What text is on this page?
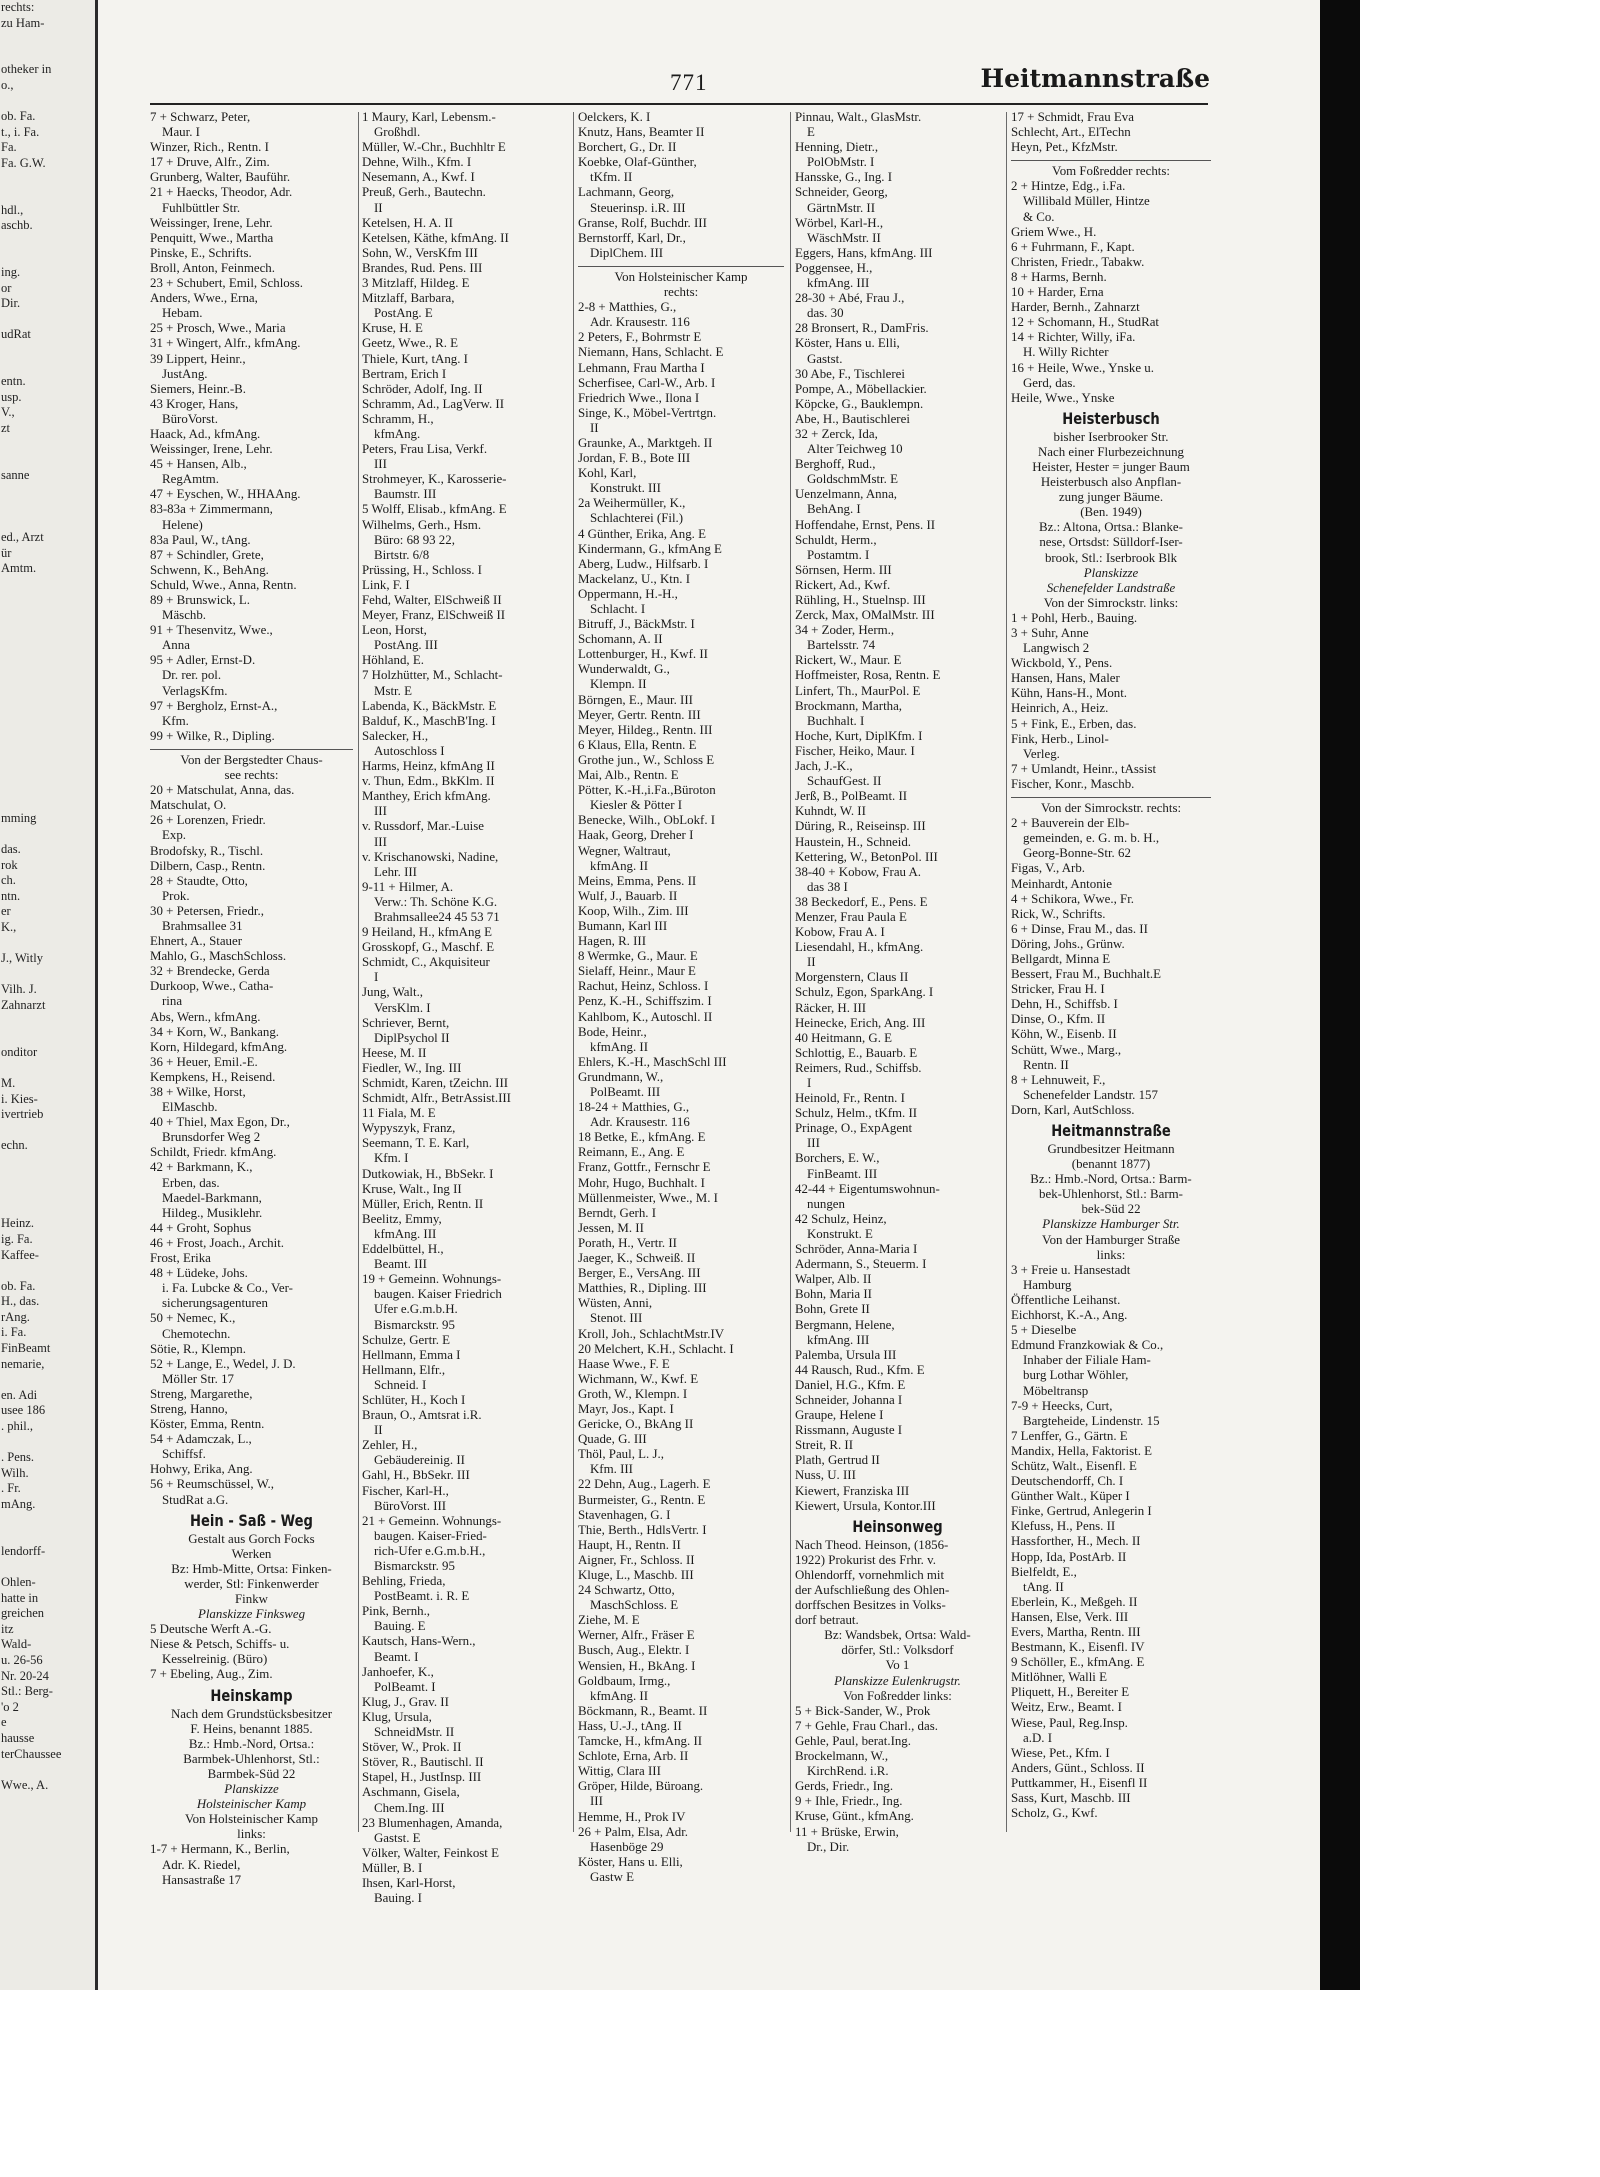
rechts:
zu Ham-

otheker in
o.,

ob. Fa.
t., i. Fa.
Fa.
Fa. G.W.

hdl.,
aschb.

ing.
or
Dir.

udRat

entn.
usp.
V.,
zt

sanne

ed., Arzt
ür
Amtm.

mming

das.
rok
ch.
ntn.
er
K.,

J., Witly

Vilh. J.
Zahnarzt

onditor

M.
i. Kies-
ivertrieb

echn.

Heinz.
ig. Fa.
Kaffee-

ob. Fa.
H., das.
rAng.
i. Fa.
FinBeamt
nemarie,

en. Adi
usee 186
. phil.,

. Pens.
Wilh.
. Fr.
mAng.

lendorff-

Ohlen-
hatte in
greichen
itz
Wald-
u. 26-56
Nr. 20-24
Stl.: Berg-
'o 2
e
hausse
terChaussee

Wwe., A.
771	Heitmannstraße
7 + Schwarz, Peter,
Maur. I
Winzer, Rich., Rentn. I
17 + Druve, Alfr., Zim.
Grunberg, Walter, Bauführ.
21 + Haecks, Theodor, Adr.
Fuhlbüttler Str.
Weissinger, Irene, Lehr.
Penquitt, Wwe., Martha
Pinske, E., Schrifts.
Broll, Anton, Feinmech.
23 + Schubert, Emil, Schloss.
Anders, Wwe., Erna,
Hebam.
25 + Prosch, Wwe., Maria
31 + Wingert, Alfr., kfmAng.
39 Lippert, Heinr.,
JustAng.
Siemers, Heinr.-B.
43 Kroger, Hans,
BüroVorst.
Haack, Ad., kfmAng.
Weissinger, Irene, Lehr.
45 + Hansen, Alb.,
RegAmtm.
47 + Eyschen, W., HHAAng.
83-83a + Zimmermann,
Helene)
83a Paul, W., tAng.
87 + Schindler, Grete,
Schwenn, K., BehAng.
Schuld, Wwe., Anna, Rentn.
89 + Brunswick, L.
Mäschb.
91 + Thesenvitz, Wwe.,
Anna
95 + Adler, Ernst-D.
Dr. rer. pol.
VerlagsKfm.
97 + Bergholz, Ernst-A.,
Kfm.
99 + Wilke, R., Dipling.
Von der Bergstedter Chaus-
see rechts:
20 + Matschulat, Anna, das.
Matschulat, O.
26 + Lorenzen, Friedr.
Exp.
Brodofsky, R., Tischl.
Dilbern, Casp., Rentn.
28 + Staudte, Otto,
Prok.
30 + Petersen, Friedr.,
Brahmsallee 31
Ehnert, A., Stauer
Mahlo, G., MaschSchloss.
32 + Brendecke, Gerda
Durkoop, Wwe., Catha-
rina
Abs, Wern., kfmAng.
34 + Korn, W., Bankang.
Korn, Hildegard, kfmAng.
36 + Heuer, Emil.-E.
Kempkens, H., Reisend.
38 + Wilke, Horst,
ElMaschb.
40 + Thiel, Max Egon, Dr.,
Brunsdorfer Weg 2
Schildt, Friedr. kfmAng.
42 + Barkmann, K.,
Erben, das.
Maedel-Barkmann,
Hildeg., Musiklehr.
44 + Groht, Sophus
46 + Frost, Joach., Archit.
Frost, Erika
48 + Lüdeke, Johs.
i. Fa. Lubcke & Co., Ver-
sicherungsagenturen
50 + Nemec, K.,
Chemotechn.
Sötie, R., Klempn.
52 + Lange, E., Wedel, J. D.
Möller Str. 17
Streng, Margarethe,
Streng, Hanno,
Köster, Emma, Rentn.
54 + Adamczak, L.,
Schiffsf.
Hohwy, Erika, Ang.
56 + Reumschüssel, W.,
StudRat a.G.
Hein - Saß - Weg
Gestalt aus Gorch Focks
Werken
Bz: Hmb-Mitte, Ortsa: Finken-
werder, Stl: Finkenwerder
Finkw
Planskizze Finksweg
5 Deutsche Werft A.-G.
Niese & Petsch, Schiffs- u.
Kesselreinig. (Büro)
7 + Ebeling, Aug., Zim.
Heinskamp
Nach dem Grundstücksbesitzer
F. Heins, benannt 1885.
Bz.: Hmb.-Nord, Ortsa.:
Barmbek-Uhlenhorst, Stl.:
Barmbek-Süd 22
Planskizze
Holsteinischer Kamp
Von Holsteinischer Kamp
links:
1-7 + Hermann, K., Berlin,
Adr. K. Riedel,
Hansastraße 17
1 Maury, Karl, Lebensm.-
Großhdl.
Müller, W.-Chr., Buchhltr E
Dehne, Wilh., Kfm. I
Nesemann, A., Kwf. I
Preuß, Gerh., Bautechn.
II
Ketelsen, H. A. II
Ketelsen, Käthe, kfmAng. II
Sohn, W., VersKfm III
Brandes, Rud. Pens. III
3 Mitzlaff, Hildeg. E
Mitzlaff, Barbara,
PostAng. E
Kruse, H. E
Geetz, Wwe., R. E
Thiele, Kurt, tAng. I
Bertram, Erich I
Schröder, Adolf, Ing. II
Schramm, Ad., LagVerw. II
Schramm, H.,
kfmAng.
Peters, Frau Lisa, Verkf.
III
Strohmeyer, K., Karosserie-
Baumstr. III
5 Wolff, Elisab., kfmAng. E
Wilhelms, Gerh., Hsm.
Büro: 68 93 22,
Birtstr. 6/8
Prüssing, H., Schloss. I
Link, F. I
Fehd, Walter, ElSchweiß II
Meyer, Franz, ElSchweiß II
Leon, Horst,
PostAng. III
Höhland, E.
7 Holzhütter, M., Schlacht-
Mstr. E
Labenda, K., BäckMstr. E
Balduf, K., MaschB'Ing. I
Salecker, H.,
Autoschloss I
Harms, Heinz, kfmAng II
v. Thun, Edm., BkKlm. II
Manthey, Erich kfmAng.
III
v. Russdorf, Mar.-Luise
III
v. Krischanowski, Nadine,
Lehr. III
9-11 + Hilmer, A.
Verw.: Th. Schöne K.G.
Brahmsallee24 45 53 71
9 Heiland, H., kfmAng E
Grosskopf, G., Maschf. E
Schmidt, C., Akquisiteur
I
Jung, Walt.,
VersKlm. I
Schriever, Bernt,
DiplPsychol II
Heese, M. II
Fiedler, W., Ing. III
Schmidt, Karen, tZeichn. III
Schmidt, Alfr., BetrAssist.III
11 Fiala, M. E
Wypyszyk, Franz,
Seemann, T. E. Karl,
Kfm. I
Dutkowiak, H., BbSekr. I
Kruse, Walt., Ing II
Müller, Erich, Rentn. II
Beelitz, Emmy,
kfmAng. III
Eddelbüttel, H.,
Beamt. III
19 + Gemeinn. Wohnungs-
baugen. Kaiser Friedrich
Ufer e.G.m.b.H.
Bismarckstr. 95
Schulze, Gertr. E
Hellmann, Emma I
Hellmann, Elfr.,
Schneid. I
Schlüter, H., Koch I
Braun, O., Amtsrat i.R.
II
Zehler, H.,
Gebäudereinig. II
Gahl, H., BbSekr. III
Fischer, Karl-H.,
BüroVorst. III
21 + Gemeinn. Wohnungs-
baugen. Kaiser-Fried-
rich-Ufer e.G.m.b.H.,
Bismarckstr. 95
Behling, Frieda,
PostBeamt. i. R. E
Pink, Bernh.,
Bauing. E
Kautsch, Hans-Wern.,
Beamt. I
Janhoefer, K.,
PolBeamt. I
Klug, J., Grav. II
Klug, Ursula,
SchneidMstr. II
Stöver, W., Prok. II
Stöver, R., Bautischl. II
Stapel, H., JustInsp. III
Aschmann, Gisela,
Chem.Ing. III
23 Blumenhagen, Amanda,
Gastst. E
Völker, Walter, Feinkost E
Müller, B. I
Ihsen, Karl-Horst,
Bauing. I
Oelckers, K. I
Knutz, Hans, Beamter II
Borchert, G., Dr. II
Koebke, Olaf-Günther,
tKfm. II
Lachmann, Georg,
Steuerinsp. i.R. III
Granse, Rolf, Buchdr. III
Bernstorff, Karl, Dr.,
DiplChem. III
Von Holsteinischer Kamp
rechts:
2-8 + Matthies, G.,
Adr. Krausestr. 116
2 Peters, F., Bohrmstr E
Niemann, Hans, Schlacht. E
Lehmann, Frau Martha I
Scherfisee, Carl-W., Arb. I
Friedrich Wwe., Ilona I
Singe, K., Möbel-Vertrtgn.
II
Graunke, A., Marktgeh. II
Jordan, F. B., Bote III
Kohl, Karl,
Konstrukt. III
2a Weihermüller, K.,
Schlachterei (Fil.)
4 Günther, Erika, Ang. E
Kindermann, G., kfmAng E
Aberg, Ludw., Hilfsarb. I
Mackelanz, U., Ktn. I
Oppermann, H.-H.,
Schlacht. I
Bitruff, J., BäckMstr. I
Schomann, A. II
Lottenburger, H., Kwf. II
Wunderwaldt, G.,
Klempn. II
Börngen, E., Maur. III
Meyer, Gertr. Rentn. III
Meyer, Hildeg., Rentn. III
6 Klaus, Ella, Rentn. E
Grothe jun., W., Schloss E
Mai, Alb., Rentn. E
Pötter, K.-H.,i.Fa.,Büroton
Kiesler & Pötter I
Benecke, Wilh., ObLokf. I
Haak, Georg, Dreher I
Wegner, Waltraut,
kfmAng. II
Meins, Emma, Pens. II
Wulf, J., Bauarb. II
Koop, Wilh., Zim. III
Bumann, Karl III
Hagen, R. III
8 Wermke, G., Maur. E
Sielaff, Heinr., Maur E
Rachut, Heinz, Schloss. I
Penz, K.-H., Schiffszim. I
Kahlbom, K., Autoschl. II
Bode, Heinr.,
kfmAng. II
Ehlers, K.-H., MaschSchl III
Grundmann, W.,
PolBeamt. III
18-24 + Matthies, G.,
Adr. Krausestr. 116
18 Betke, E., kfmAng. E
Reimann, E., Ang. E
Franz, Gottfr., Fernschr E
Mohr, Hugo, Buchhalt. I
Müllenmeister, Wwe., M. I
Berndt, Gerh. I
Jessen, M. II
Porath, H., Vertr. II
Jaeger, K., Schweiß. II
Berger, E., VersAng. III
Matthies, R., Dipling. III
Wüsten, Anni,
Stenot. III
Kroll, Joh., SchlachtMstr.IV
20 Melchert, K.H., Schlacht. I
Haase Wwe., F. E
Wichmann, W., Kwf. E
Groth, W., Klempn. I
Mayr, Jos., Kapt. I
Gericke, O., BkAng II
Quade, G. III
Thöl, Paul, L. J.,
Kfm. III
22 Dehn, Aug., Lagerh. E
Burmeister, G., Rentn. E
Stavenhagen, G. I
Thie, Berth., HdlsVertr. I
Haupt, H., Rentn. II
Aigner, Fr., Schloss. II
Kluge, L., Maschb. III
24 Schwartz, Otto,
MaschSchloss. E
Ziehe, M. E
Werner, Alfr., Fräser E
Busch, Aug., Elektr. I
Wensien, H., BkAng. I
Goldbaum, Irmg.,
kfmAng. II
Böckmann, R., Beamt. II
Hass, U.-J., tAng. II
Tamcke, H., kfmAng. II
Schlote, Erna, Arb. II
Wittig, Clara III
Gröper, Hilde, Büroang.
III
Hemme, H., Prok IV
26 + Palm, Elsa, Adr.
Hasenböge 29
Köster, Hans u. Elli,
Gastw E
Pinnau, Walt., GlasMstr.
E
Henning, Dietr.,
PolObMstr. I
Hansske, G., Ing. I
Schneider, Georg,
GärtnMstr. II
Wörbel, Karl-H.,
WäschMstr. II
Eggers, Hans, kfmAng. III
Poggensee, H.,
kfmAng. III
28-30 + Abé, Frau J.,
das. 30
28 Bronsert, R., DamFris.
Köster, Hans u. Elli,
Gastst.
30 Abe, F., Tischlerei
Pompe, A., Möbellackier.
Köpcke, G., Bauklempn.
Abe, H., Bautischlerei
32 + Zerck, Ida,
Alter Teichweg 10
Berghoff, Rud.,
GoldschmMstr. E
Uenzelmann, Anna,
BehAng. I
Hoffendahe, Ernst, Pens. II
Schuldt, Herm.,
Postamtm. I
Sörnsen, Herm. III
Rickert, Ad., Kwf.
Rühling, H., Stuelnsp. III
Zerck, Max, OMalMstr. III
34 + Zoder, Herm.,
Bartelsstr. 74
Rickert, W., Maur. E
Hoffmeister, Rosa, Rentn. E
Linfert, Th., MaurPol. E
Brockmann, Martha,
Buchhalt. I
Hoche, Kurt, DiplKfm. I
Fischer, Heiko, Maur. I
Jach, J.-K.,
SchaufGest. II
Jerß, B., PolBeamt. II
Kuhndt, W. II
Düring, R., Reiseinsp. III
Haustein, H., Schneid.
Kettering, W., BetonPol. III
38-40 + Kobow, Frau A.
das 38 I
38 Beckedorf, E., Pens. E
Menzer, Frau Paula E
Kobow, Frau A. I
Liesendahl, H., kfmAng.
II
Morgenstern, Claus II
Schulz, Egon, SparkAng. I
Räcker, H. III
Heinecke, Erich, Ang. III
40 Heitmann, G. E
Schlottig, E., Bauarb. E
Reimers, Rud., Schiffsb.
I
Heinold, Fr., Rentn. I
Schulz, Helm., tKfm. II
Prinage, O., ExpAgent
III
Borchers, E. W.,
FinBeamt. III
42-44 + Eigentumswohnun-
nungen
42 Schulz, Heinz,
Konstrukt. E
Schröder, Anna-Maria I
Adermann, S., Steuerm. I
Walper, Alb. II
Bohn, Maria II
Bohn, Grete II
Bergmann, Helene,
kfmAng. III
Palemba, Ursula III
44 Rausch, Rud., Kfm. E
Daniel, H.G., Kfm. E
Schneider, Johanna I
Graupe, Helene I
Rissmann, Auguste I
Streit, R. II
Plath, Gertrud II
Nuss, U. III
Kiewert, Franziska III
Kiewert, Ursula, Kontor.III
Heinsonweg
Nach Theod. Heinson, (1856-
1922) Prokurist des Frhr. v.
Ohlendorff, vornehmlich mit
der Aufschließung des Ohlen-
dorffschen Besitzes in Volks-
dorf betraut.
Bz: Wandsbek, Ortsa: Wald-
dörfer, Stl.: Volksdorf
Vo 1
Planskizze Eulenkrugstr.
Von Foßredder links:
5 + Bick-Sander, W., Prok
7 + Gehle, Frau Charl., das.
Gehle, Paul, berat.Ing.
Brockelmann, W.,
KirchRend. i.R.
Gerds, Friedr., Ing.
9 + Ihle, Friedr., Ing.
Kruse, Günt., kfmAng.
11 + Brüske, Erwin,
Dr., Dir.
17 + Schmidt, Frau Eva
Schlecht, Art., ElTechn
Heyn, Pet., KfzMstr.
Vom Foßredder rechts:
2 + Hintze, Edg., i.Fa.
Willibald Müller, Hintze
& Co.
Griem Wwe., H.
6 + Fuhrmann, F., Kapt.
Christen, Friedr., Tabakw.
8 + Harms, Bernh.
10 + Harder, Erna
Harder, Bernh., Zahnarzt
12 + Schomann, H., StudRat
14 + Richter, Willy, iFa.
H. Willy Richter
16 + Heile, Wwe., Ynske u.
Gerd, das.
Heile, Wwe., Ynske
Heisterbusch
bisher Iserbrooker Str.
Nach einer Flurbezeichnung
Heister, Hester = junger Baum
Heisterbusch also Anpflan-
zung junger Bäume.
(Ben. 1949)
Bz.: Altona, Ortsa.: Blanke-
nese, Ortsdst: Sülldorf-Iser-
brook, Stl.: Iserbrook Blk
Planskizze
Schenefelder Landstraße
Von der Simrockstr. links:
1 + Pohl, Herb., Bauing.
3 + Suhr, Anne
Langwisch 2
Wickbold, Y., Pens.
Hansen, Hans, Maler
Kühn, Hans-H., Mont.
Heinrich, A., Heiz.
5 + Fink, E., Erben, das.
Fink, Herb., Linol-
Verleg.
7 + Umlandt, Heinr., tAssist
Fischer, Konr., Maschb.
Von der Simrockstr. rechts:
2 + Bauverein der Elb-
gemeinden, e. G. m. b. H.,
Georg-Bonne-Str. 62
Figas, V., Arb.
Meinhardt, Antonie
4 + Schikora, Wwe., Fr.
Rick, W., Schrifts.
6 + Dinse, Frau M., das. II
Döring, Johs., Grünw.
Bellgardt, Minna E
Bessert, Frau M., Buchhalt.E
Stricker, Frau H. I
Dehn, H., Schiffsb. I
Dinse, O., Kfm. II
Köhn, W., Eisenb. II
Schütt, Wwe., Marg.,
Rentn. II
8 + Lehnuweit, F.,
Schenefelder Landstr. 157
Dorn, Karl, AutSchloss.
Heitmannstraße
Grundbesitzer Heitmann
(benannt 1877)
Bz.: Hmb.-Nord, Ortsa.: Barm-
bek-Uhlenhorst, Stl.: Barm-
bek-Süd 22
Planskizze Hamburger Str.
Von der Hamburger Straße
links:
3 + Freie u. Hansestadt
Hamburg
Öffentliche Leihanst.
Eichhorst, K.-A., Ang.
5 + Dieselbe
Edmund Franzkowiak & Co.,
Inhaber der Filiale Ham-
burg Lothar Wöhler,
Möbeltransp
7-9 + Heecks, Curt,
Bargteheide, Lindenstr. 15
7 Lenffer, G., Gärtn. E
Mandix, Hella, Faktorist. E
Schütz, Walt., Eisenfl. E
Deutschendorff, Ch. I
Günther Walt., Küper I
Finke, Gertrud, Anlegerin I
Klefuss, H., Pens. II
Hassforther, H., Mech. II
Hopp, Ida, PostArb. II
Bielfeldt, E.,
tAng. II
Eberlein, K., Meßgeh. II
Hansen, Else, Verk. III
Evers, Martha, Rentn. III
Bestmann, K., Eisenfl. IV
9 Schöller, E., kfmAng. E
Mitlöhner, Walli E
Pliquett, H., Bereiter E
Weitz, Erw., Beamt. I
Wiese, Paul, Reg.Insp.
a.D. I
Wiese, Pet., Kfm. I
Anders, Günt., Schloss. II
Puttkammer, H., Eisenfl II
Sass, Kurt, Maschb. III
Scholz, G., Kwf.
